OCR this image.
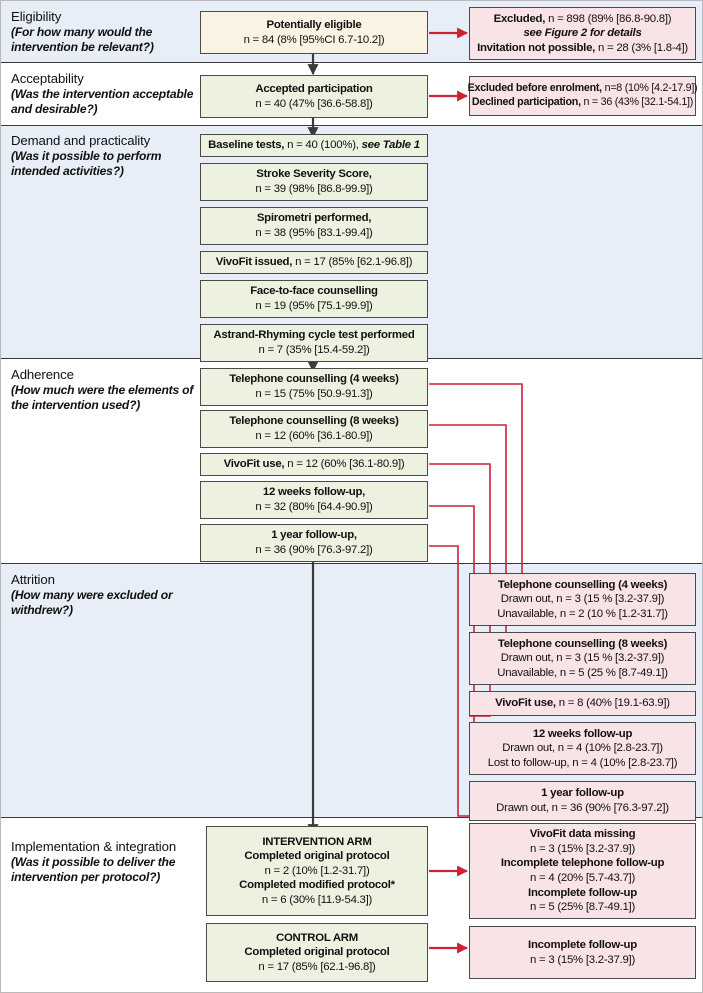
Eligibility
(For how many would the intervention be relevant?)
Acceptability
(Was the intervention acceptable and desirable?)
Demand and practicality
(Was it possible to perform intended activities?)
Adherence
(How much were the elements of the intervention used?)
Attrition
(How many were excluded or withdrew?)
Implementation & integration
(Was it possible to deliver the intervention per protocol?)
Potentially eligible
n = 84 (8% [95%CI 6.7-10.2])
Accepted participation
n = 40 (47% [36.6-58.8])
Baseline tests, n = 40 (100%), see Table 1
Stroke Severity Score,
n = 39 (98% [86.8-99.9])
Spirometri performed,
n = 38 (95% [83.1-99.4])
VivoFit issued, n = 17 (85% [62.1-96.8])
Face-to-face counselling
n = 19 (95% [75.1-99.9])
Astrand-Rhyming cycle test performed
n = 7 (35% [15.4-59.2])
Telephone counselling (4 weeks)
n = 15 (75% [50.9-91.3])
Telephone counselling (8 weeks)
n = 12 (60% [36.1-80.9])
VivoFit use, n = 12 (60% [36.1-80.9])
12 weeks follow-up,
n = 32 (80% [64.4-90.9])
1 year follow-up,
n = 36 (90% [76.3-97.2])
INTERVENTION ARM
Completed original protocol
n = 2 (10% [1.2-31.7])
Completed modified protocol*
n = 6 (30% [11.9-54.3])
CONTROL ARM
Completed original protocol
n = 17 (85% [62.1-96.8])
Excluded, n = 898 (89% [86.8-90.8])
see Figure 2 for details
Invitation not possible, n = 28 (3% [1.8-4])
Excluded before enrolment, n=8 (10% [4.2-17.9])
Declined participation, n = 36 (43% [32.1-54.1])
Telephone counselling (4 weeks)
Drawn out, n = 3 (15 % [3.2-37.9])
Unavailable, n = 2 (10 % [1.2-31.7])
Telephone counselling (8 weeks)
Drawn out, n = 3 (15 % [3.2-37.9])
Unavailable, n = 5 (25 % [8.7-49.1])
VivoFit use, n = 8 (40% [19.1-63.9])
12 weeks follow-up
Drawn out, n = 4 (10% [2.8-23.7])
Lost to follow-up, n = 4 (10% [2.8-23.7])
1 year follow-up
Drawn out, n = 36 (90% [76.3-97.2])
VivoFit data missing
n = 3 (15% [3.2-37.9])
Incomplete telephone follow-up
n = 4 (20% [5.7-43.7])
Incomplete follow-up
n = 5 (25% [8.7-49.1])
Incomplete follow-up
n = 3 (15% [3.2-37.9])
